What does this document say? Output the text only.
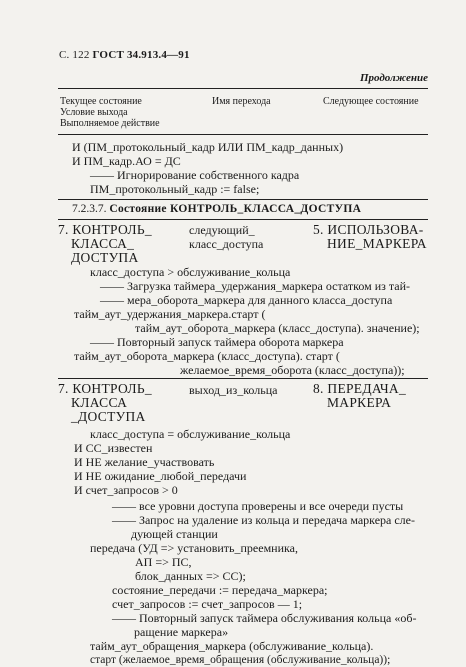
С. 122 ГОСТ 34.913.4—91
Продолжение
Текущее состояние
Условие выхода
Выполняемое действие
Имя перехода	Следующее состояние
И (ПМ_протокольный_кадр ИЛИ ПМ_кадр_данных)
И ПМ_кадр.АО = ДС
—— Игнорирование собственного кадра
ПМ_протокольный_кадр := false;
7.2.3.7. Состояние КОНТРОЛЬ_КЛАССА_ДОСТУПА
7. КОНТРОЛЬ_
КЛАССА_
ДОСТУПА
следующий_
класс_доступа
5. ИСПОЛЬЗОВА-
НИЕ_МАРКЕРА
класс_доступа > обслуживание_кольца
—— Загрузка таймера_удержания_маркера остатком из тай-
—— мера_оборота_маркера для данного класса_доступа
тайм_аут_удержания_маркера.старт (
тайм_аут_оборота_маркера (класс_доступа). значение);
—— Повторный запуск таймера оборота маркера
тайм_аут_оборота_маркера (класс_доступа). старт (
желаемое_время_оборота (класс_доступа));
7. КОНТРОЛЬ_
КЛАССА
_ДОСТУПА
выход_из_кольца	8. ПЕРЕДАЧА_
МАРКЕРА
класс_доступа = обслуживание_кольца
И СС_известен
И НЕ желание_участвовать
И НЕ ожидание_любой_передачи
И счет_запросов > 0
—— все уровни доступа проверены и все очереди пусты
—— Запрос на удаление из кольца и передача маркера сле-
дующей станции
передача (УД => установить_преемника,
АП => ПС,
блок_данных => СС);
состояние_передачи := передача_маркера;
счет_запросов := счет_запросов — 1;
—— Повторный запуск таймера обслуживания кольца «об-
ращение маркера»
тайм_аут_обращения_маркера (обслуживание_кольца).
старт (желаемое_время_обращения (обслуживание_кольца));
